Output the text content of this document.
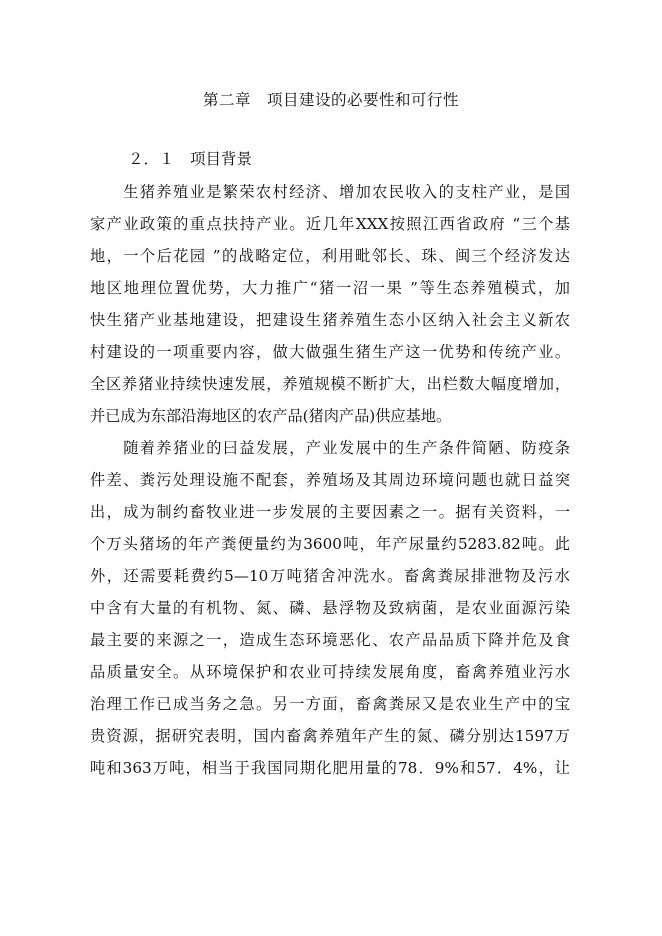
第二章　项目建设的必要性和可行性
２．１　项目背景
　　生猪养殖业是繁荣农村经济、增加农民收入的支柱产业，是国
家产业政策的重点扶持产业。近几年XXX按照江西省政府 “三个基
地，一个后花园 ”的战略定位，利用毗邻长、珠、闽三个经济发达
地区地理位置优势，大力推广“猪一沼一果 ”等生态养殖模式，加
快生猪产业基地建设，把建设生猪养殖生态小区纳入社会主义新农
村建设的一项重要内容，做大做强生猪生产这一优势和传统产业。
全区养猪业持续快速发展，养殖规模不断扩大，出栏数大幅度增加，
并已成为东部沿海地区的农产品(猪肉产品)供应基地。
　　随着养猪业的曰益发展，产业发展中的生产条件简陋、防疫条
件差、粪污处理设施不配套，养殖场及其周边环境问题也就日益突
出，成为制约畜牧业进一步发展的主要因素之一。据有关资料，一
个万头猪场的年产粪便量约为3600吨，年产尿量约5283.82吨。此
外，还需要耗费约5—10万吨猪舍冲洗水。畜禽粪尿排泄物及污水
中含有大量的有机物、氮、磷、悬浮物及致病菌，是农业面源污染
最主要的来源之一，造成生态环境恶化、农产品品质下降并危及食
品质量安全。从环境保护和农业可持续发展角度，畜禽养殖业污水
治理工作已成当务之急。另一方面，畜禽粪尿又是农业生产中的宝
贵资源，据研究表明，国内畜禽养殖年产生的氮、磷分别达1597万
吨和363万吨，相当于我国同期化肥用量的78．9%和57．4%，让
